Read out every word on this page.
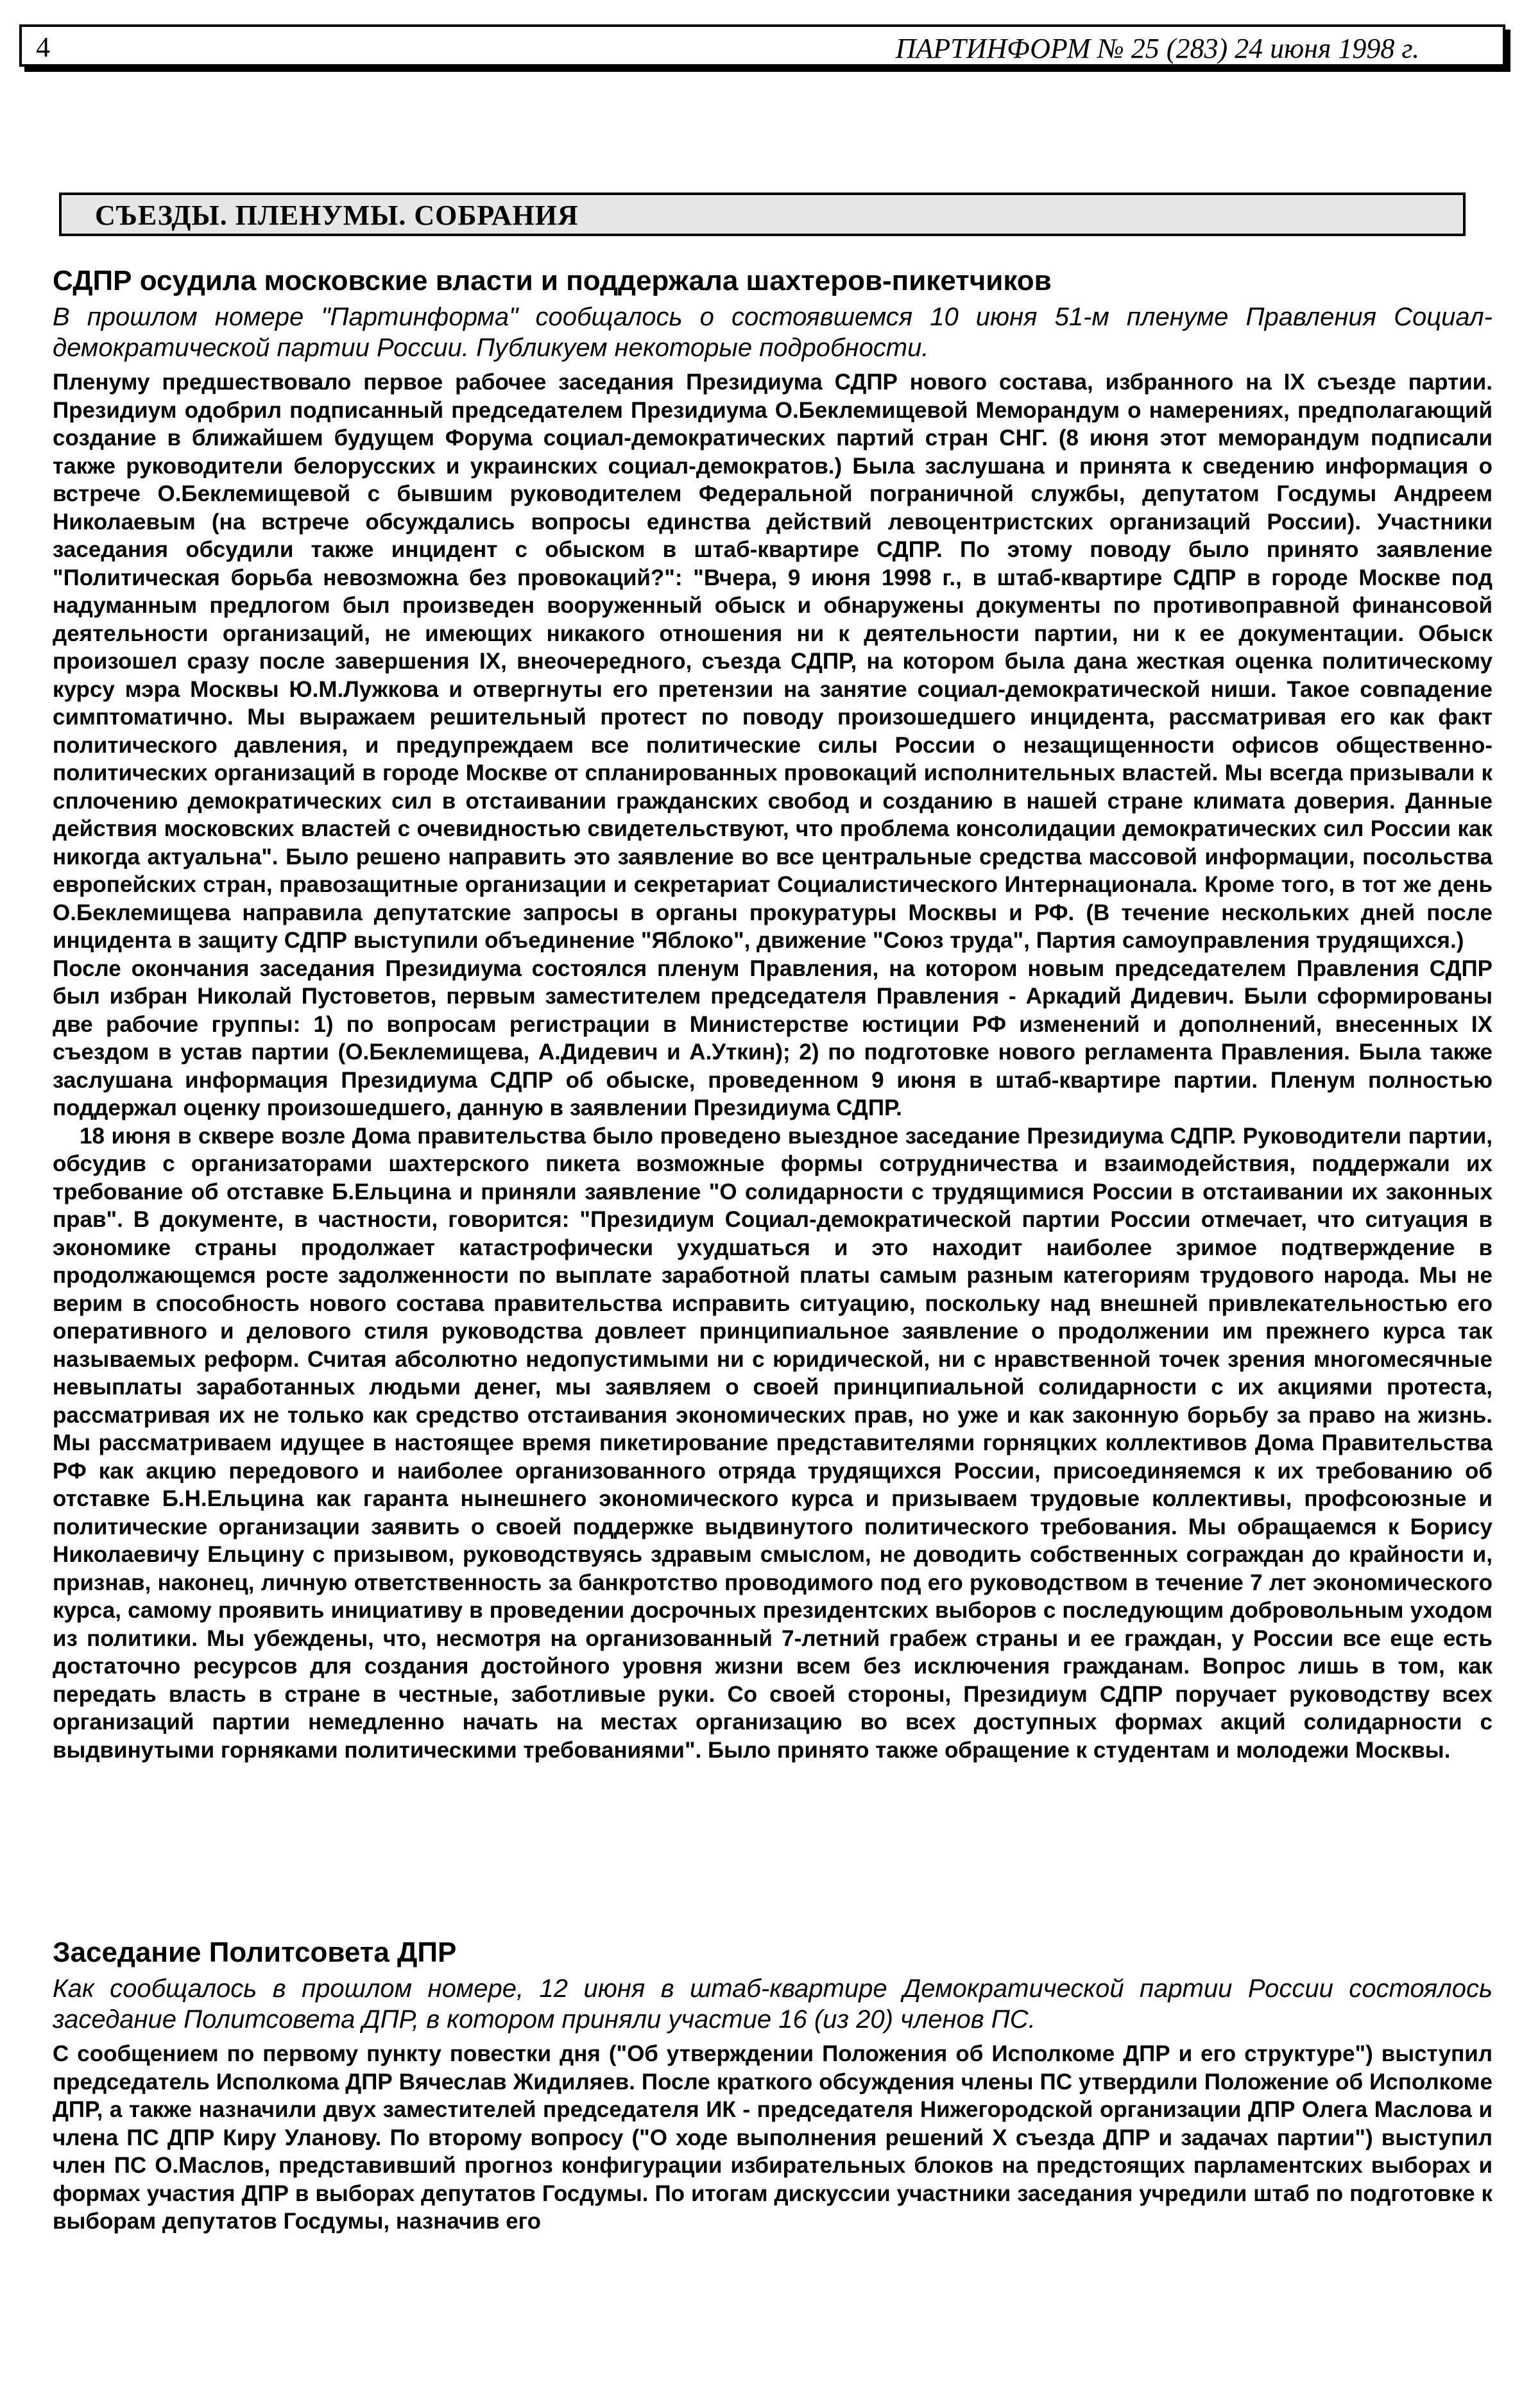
4	ПАРТИНФОРМ № 25 (283) 24 июня 1998 г.
СЪЕЗДЫ. ПЛЕНУМЫ. СОБРАНИЯ
СДПР осудила московские власти и поддержала шахтеров-пикетчиков

В прошлом номере "Партинформа" сообщалось о состоявшемся 10 июня 51-м пленуме Правления Социал-демократической партии России. Публикуем некоторые подробности.

Пленуму предшествовало первое рабочее заседания Президиума СДПР нового состава, избранного на IX съезде партии. Президиум одобрил подписанный председателем Президиума О.Беклемищевой Меморандум о намерениях, предполагающий создание в ближайшем будущем Форума социал-демократических партий стран СНГ. (8 июня этот меморандум подписали также руководители белорусских и украинских социал-демократов.) Была заслушана и принята к сведению информация о встрече О.Беклемищевой с бывшим руководителем Федеральной пограничной службы, депутатом Госдумы Андреем Николаевым (на встрече обсуждались вопросы единства действий левоцентристских организаций России). Участники заседания обсудили также инцидент с обыском в штаб-квартире СДПР. По этому поводу было принято заявление "Политическая борьба невозможна без провокаций?": "Вчера, 9 июня 1998 г., в штаб-квартире СДПР в городе Москве под надуманным предлогом был произведен вооруженный обыск и обнаружены документы по противоправной финансовой деятельности организаций, не имеющих никакого отношения ни к деятельности партии, ни к ее документации. Обыск произошел сразу после завершения IX, внеочередного, съезда СДПР, на котором была дана жесткая оценка политическому курсу мэра Москвы Ю.М.Лужкова и отвергнуты его претензии на занятие социал-демократической ниши. Такое совпадение симптоматично. Мы выражаем решительный протест по поводу произошедшего инцидента, рассматривая его как факт политического давления, и предупреждаем все политические силы России о незащищенности офисов общественно-политических организаций в городе Москве от спланированных провокаций исполнительных властей. Мы всегда призывали к сплочению демократических сил в отстаивании гражданских свобод и созданию в нашей стране климата доверия. Данные действия московских властей с очевидностью свидетельствуют, что проблема консолидации демократических сил России как никогда актуальна". Было решено направить это заявление во все центральные средства массовой информации, посольства европейских стран, правозащитные организации и секретариат Социалистического Интернационала. Кроме того, в тот же день О.Беклемищева направила депутатские запросы в органы прокуратуры Москвы и РФ. (В течение нескольких дней после инцидента в защиту СДПР выступили объединение "Яблоко", движение "Союз труда", Партия самоуправления трудящихся.)

После окончания заседания Президиума состоялся пленум Правления, на котором новым председателем Правления СДПР был избран Николай Пустоветов, первым заместителем председателя Правления - Аркадий Дидевич. Были сформированы две рабочие группы: 1) по вопросам регистрации в Министерстве юстиции РФ изменений и дополнений, внесенных IX съездом в устав партии (О.Беклемищева, А.Дидевич и А.Уткин); 2) по подготовке нового регламента Правления. Была также заслушана информация Президиума СДПР об обыске, проведенном 9 июня в штаб-квартире партии. Пленум полностью поддержал оценку произошедшего, данную в заявлении Президиума СДПР.

18 июня в сквере возле Дома правительства было проведено выездное заседание Президиума СДПР. Руководители партии, обсудив с организаторами шахтерского пикета возможные формы сотрудничества и взаимодействия, поддержали их требование об отставке Б.Ельцина и приняли заявление "О солидарности с трудящимися России в отстаивании их законных прав". В документе, в частности, говорится: "Президиум Социал-демократической партии России отмечает, что ситуация в экономике страны продолжает катастрофически ухудшаться и это находит наиболее зримое подтверждение в продолжающемся росте задолженности по выплате заработной платы самым разным категориям трудового народа. Мы не верим в способность нового состава правительства исправить ситуацию, поскольку над внешней привлекательностью его оперативного и делового стиля руководства довлеет принципиальное заявление о продолжении им прежнего курса так называемых реформ. Считая абсолютно недопустимыми ни с юридической, ни с нравственной точек зрения многомесячные невыплаты заработанных людьми денег, мы заявляем о своей принципиальной солидарности с их акциями протеста, рассматривая их не только как средство отстаивания экономических прав, но уже и как законную борьбу за право на жизнь. Мы рассматриваем идущее в настоящее время пикетирование представителями горняцких коллективов Дома Правительства РФ как акцию передового и наиболее организованного отряда трудящихся России, присоединяемся к их требованию об отставке Б.Н.Ельцина как гаранта нынешнего экономического курса и призываем трудовые коллективы, профсоюзные и политические организации заявить о своей поддержке выдвинутого политического требования. Мы обращаемся к Борису Николаевичу Ельцину с призывом, руководствуясь здравым смыслом, не доводить собственных сограждан до крайности и, признав, наконец, личную ответственность за банкротство проводимого под его руководством в течение 7 лет экономического курса, самому проявить инициативу в проведении досрочных президентских выборов с последующим добровольным уходом из политики. Мы убеждены, что, несмотря на организованный 7-летний грабеж страны и ее граждан, у России все еще есть достаточно ресурсов для создания достойного уровня жизни всем без исключения гражданам. Вопрос лишь в том, как передать власть в стране в честные, заботливые руки. Со своей стороны, Президиум СДПР поручает руководству всех организаций партии немедленно начать на местах организацию во всех доступных формах акций солидарности с выдвинутыми горняками политическими требованиями". Было принято также обращение к студентам и молодежи Москвы.

Заседание Политсовета ДПР

Как сообщалось в прошлом номере, 12 июня в штаб-квартире Демократической партии России состоялось заседание Политсовета ДПР, в котором приняли участие 16 (из 20) членов ПС.

С сообщением по первому пункту повестки дня ("Об утверждении Положения об Исполкоме ДПР и его структуре") выступил председатель Исполкома ДПР Вячеслав Жидиляев. После краткого обсуждения члены ПС утвердили Положение об Исполкоме ДПР, а также назначили двух заместителей председателя ИК - председателя Нижегородской организации ДПР Олега Маслова и члена ПС ДПР Киру Уланову. По второму вопросу ("О ходе выполнения решений X съезда ДПР и задачах партии") выступил член ПС О.Маслов, представивший прогноз конфигурации избирательных блоков на предстоящих парламентских выборах и формах участия ДПР в выборах депутатов Госдумы. По итогам дискуссии участники заседания учредили штаб по подготовке к выборам депутатов Госдумы, назначив его
